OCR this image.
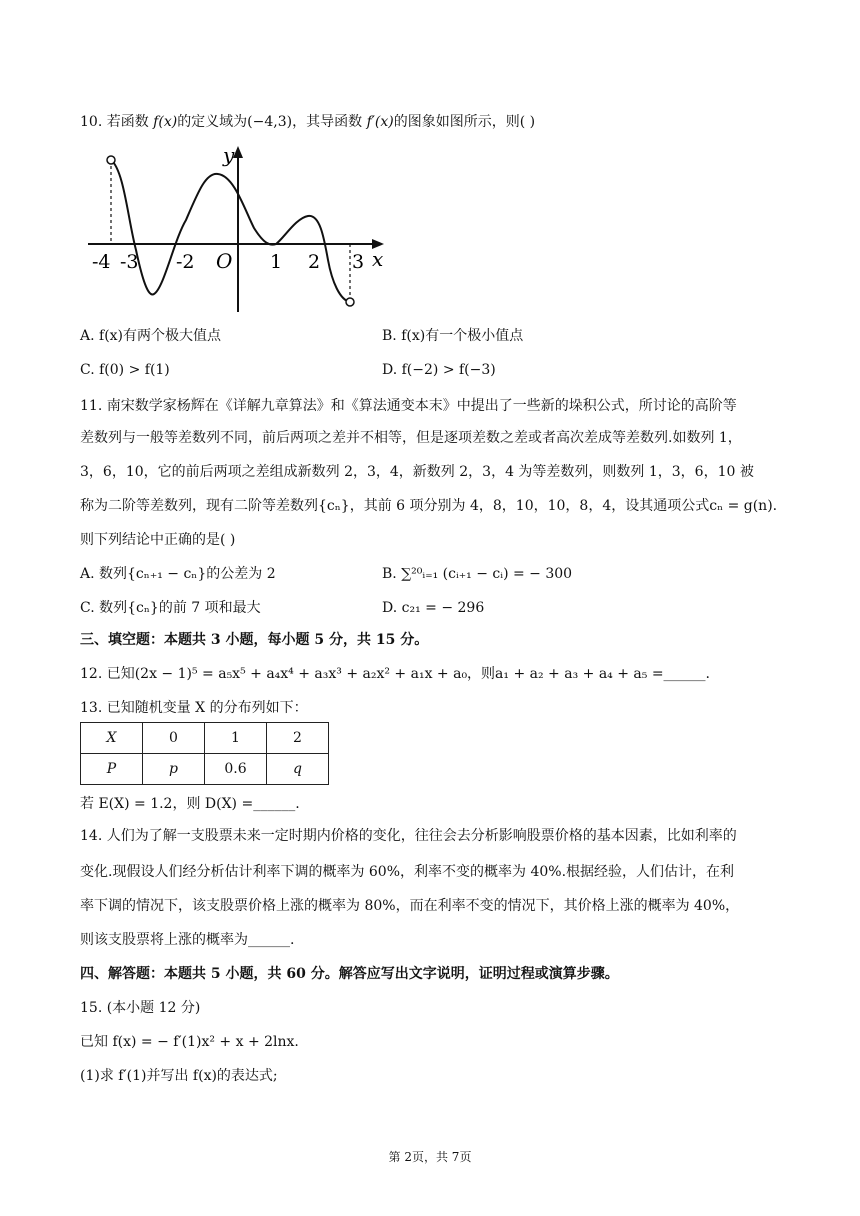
10. 若函数 f(x)的定义域为(−4,3)，其导函数 f′(x)的图象如图所示，则( )
y
x
-4 -3 -2 O 1 2 3
A. f(x)有两个极大值点	B. f(x)有一个极小值点
C. f(0) > f(1)	D. f(−2) > f(−3)
11. 南宋数学家杨辉在《详解九章算法》和《算法通变本末》中提出了一些新的垛积公式，所讨论的高阶等
差数列与一般等差数列不同，前后两项之差并不相等，但是逐项差数之差或者高次差成等差数列.如数列 1，
3，6，10，它的前后两项之差组成新数列 2，3，4，新数列 2，3，4 为等差数列，则数列 1，3，6，10 被
称为二阶等差数列，现有二阶等差数列{cₙ}，其前 6 项分别为 4，8，10，10，8，4，设其通项公式cₙ = g(n).
则下列结论中正确的是( )
A. 数列{cₙ₊₁ − cₙ}的公差为 2	B. ∑²⁰ᵢ₌₁ (cᵢ₊₁ − cᵢ) = − 300
C. 数列{cₙ}的前 7 项和最大	D. c₂₁ = − 296
三、填空题：本题共 3 小题，每小题 5 分，共 15 分。
12. 已知(2x − 1)⁵ = a₅x⁵ + a₄x⁴ + a₃x³ + a₂x² + a₁x + a₀，则a₁ + a₂ + a₃ + a₄ + a₅ =______.
13. 已知随机变量 X 的分布列如下：
X	0	1	2
P	p	0.6	q
若 E(X) = 1.2，则 D(X) =______.
14. 人们为了解一支股票未来一定时期内价格的变化，往往会去分析影响股票价格的基本因素，比如利率的
变化.现假设人们经分析估计利率下调的概率为 60%，利率不变的概率为 40%.根据经验，人们估计，在利
率下调的情况下，该支股票价格上涨的概率为 80%，而在利率不变的情况下，其价格上涨的概率为 40%，
则该支股票将上涨的概率为______.
四、解答题：本题共 5 小题，共 60 分。解答应写出文字说明，证明过程或演算步骤。
15. (本小题 12 分)
已知 f(x) = − f′(1)x² + x + 2lnx.
(1)求 f′(1)并写出 f(x)的表达式;
第 2页，共 7页
